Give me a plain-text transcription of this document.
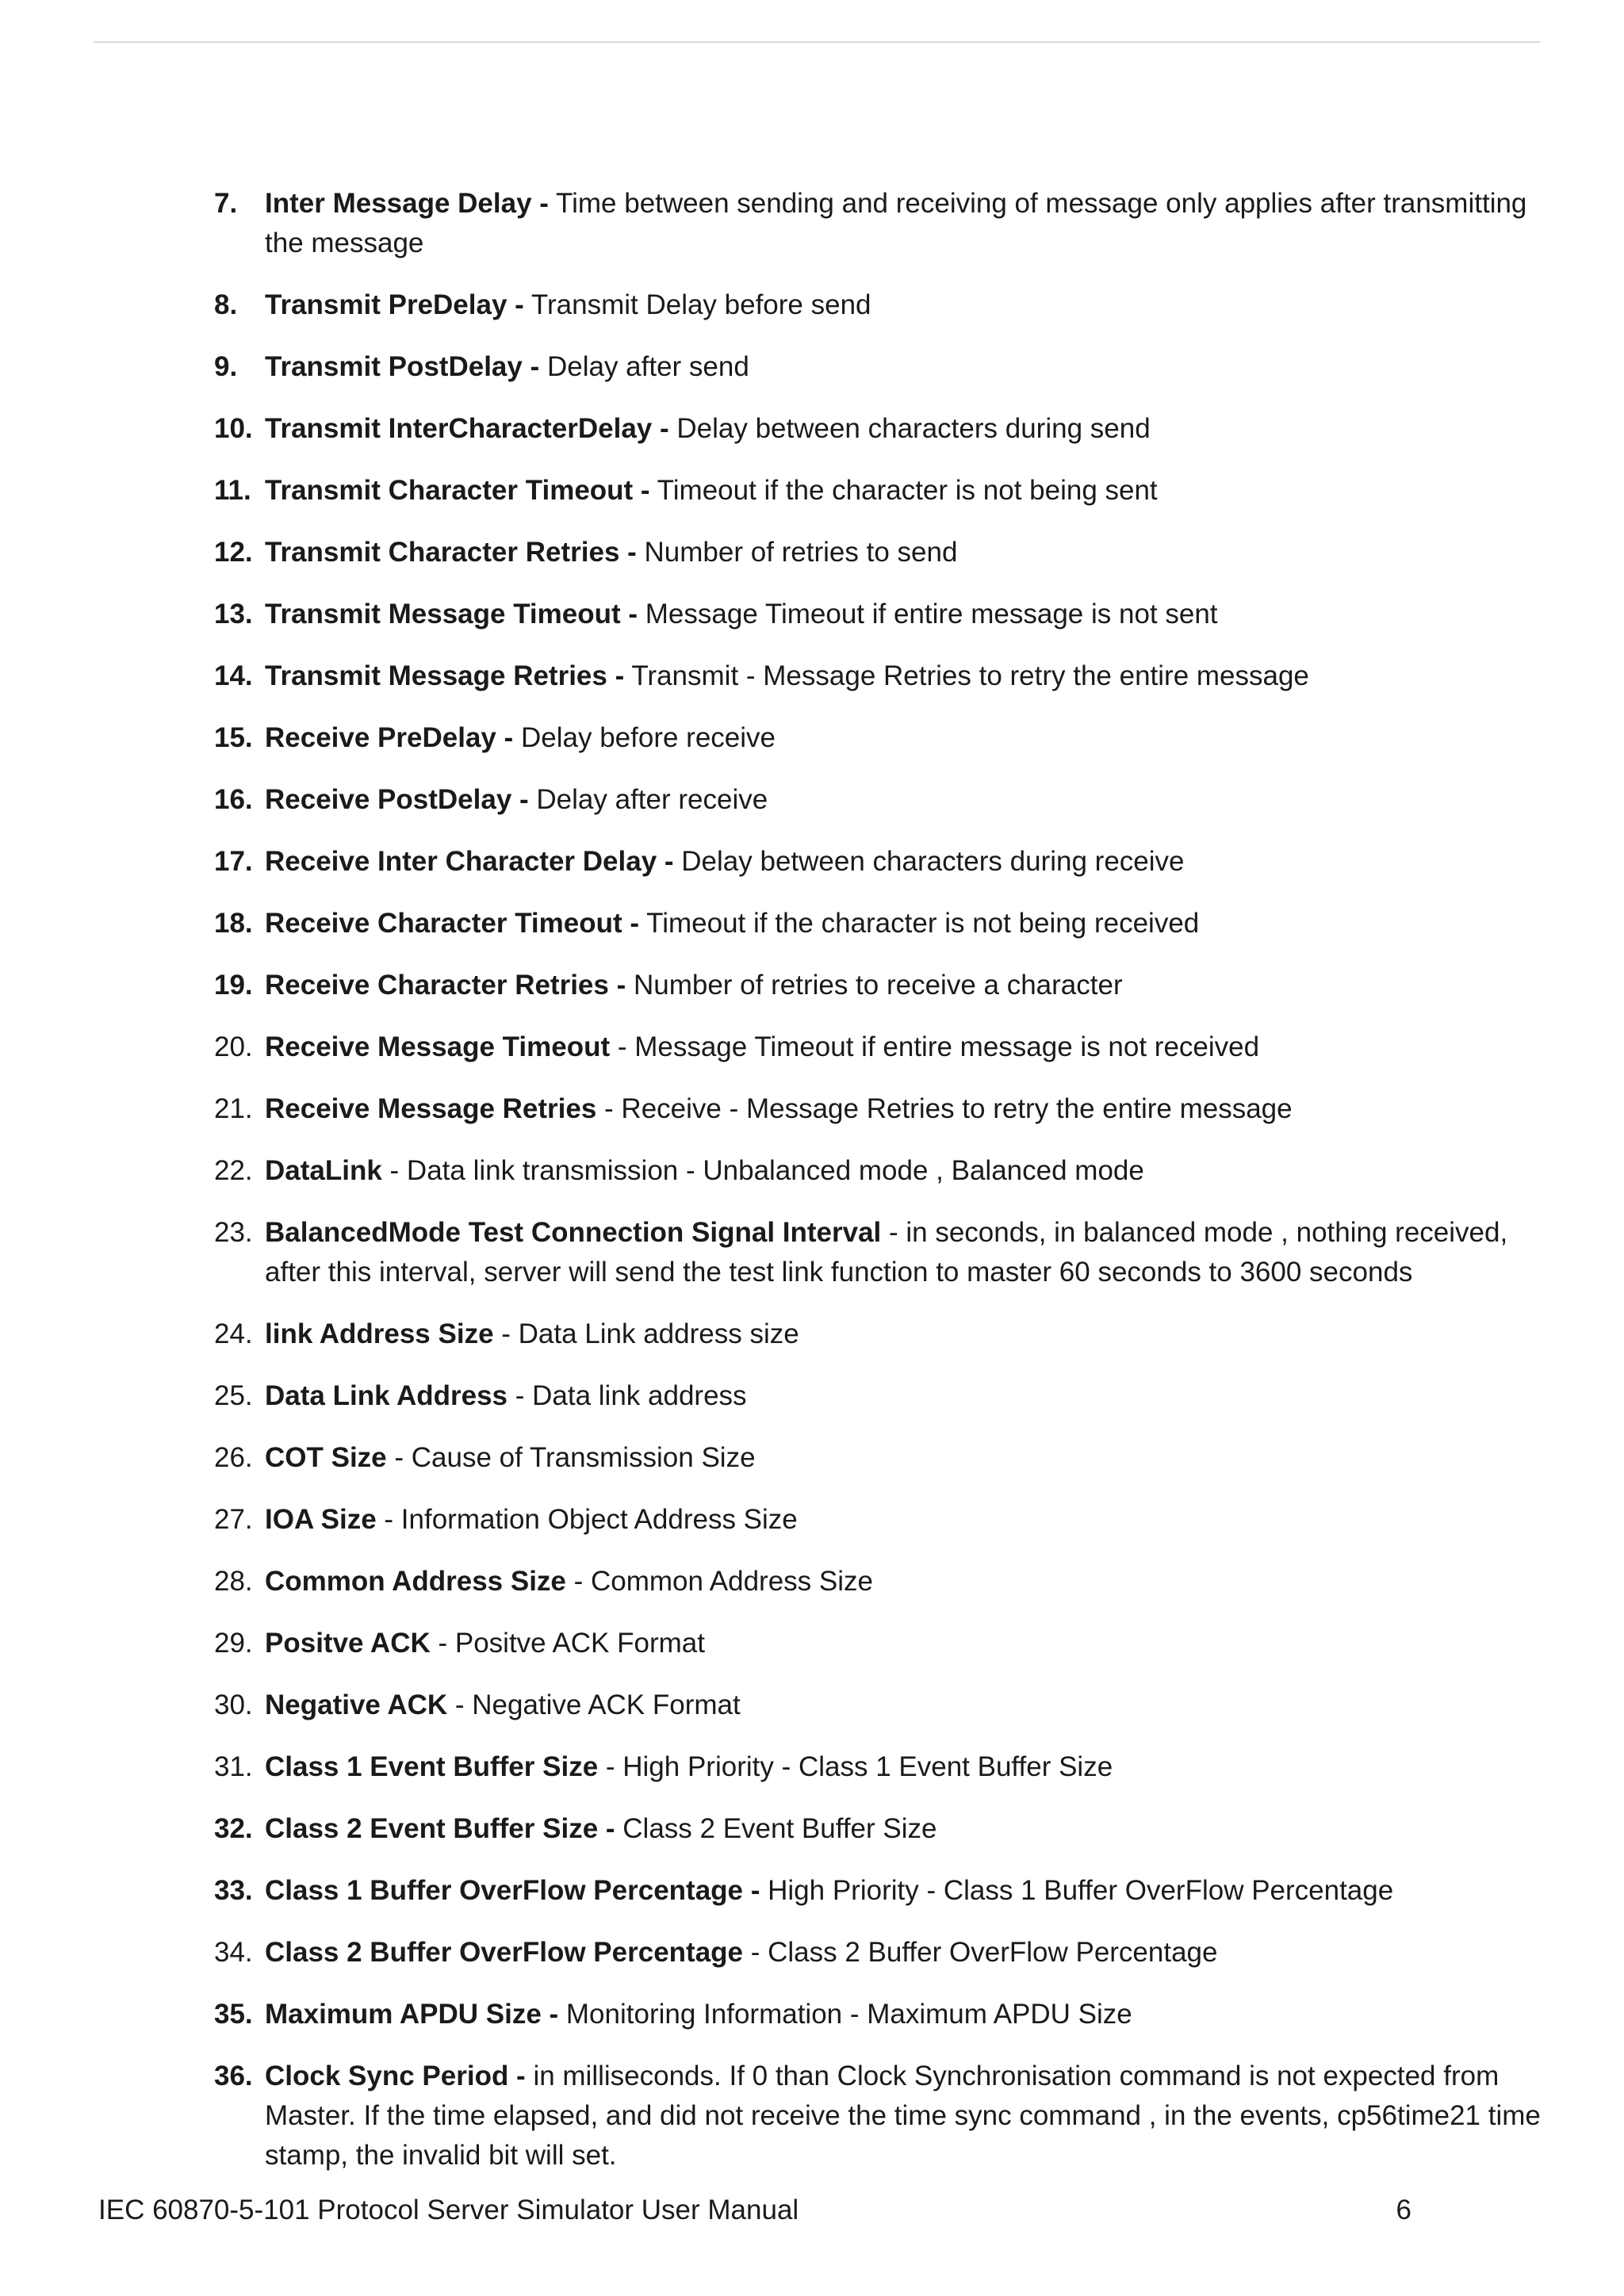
7. Inter Message Delay - Time between sending and receiving of message only applies after transmitting the message
8. Transmit PreDelay - Transmit Delay before send
9. Transmit PostDelay - Delay after send
10. Transmit InterCharacterDelay - Delay between characters during send
11. Transmit Character Timeout - Timeout if the character is not being sent
12. Transmit Character Retries - Number of retries to send
13. Transmit Message Timeout - Message Timeout if entire message is not sent
14. Transmit Message Retries - Transmit - Message Retries to retry the entire message
15. Receive PreDelay - Delay before receive
16. Receive PostDelay - Delay after receive
17. Receive Inter Character Delay - Delay between characters during receive
18. Receive Character Timeout - Timeout if the character is not being received
19. Receive Character Retries - Number of retries to receive a character
20. Receive Message Timeout - Message Timeout if entire message is not received
21. Receive Message Retries - Receive - Message Retries to retry the entire message
22. DataLink - Data link transmission - Unbalanced mode , Balanced mode
23. BalancedMode Test Connection Signal Interval - in seconds, in balanced mode , nothing received, after this interval, server will send the test link function to master 60 seconds to 3600 seconds
24. link Address Size - Data Link address size
25. Data Link Address - Data link address
26. COT Size - Cause of Transmission Size
27. IOA Size - Information Object Address Size
28. Common Address Size - Common Address Size
29. Positve ACK - Positve ACK Format
30. Negative ACK - Negative ACK Format
31. Class 1 Event Buffer Size - High Priority - Class 1 Event Buffer Size
32. Class 2 Event Buffer Size - Class 2 Event Buffer Size
33. Class 1 Buffer OverFlow Percentage - High Priority - Class 1 Buffer OverFlow Percentage
34. Class 2 Buffer OverFlow Percentage - Class 2 Buffer OverFlow Percentage
35. Maximum APDU Size - Monitoring Information - Maximum APDU Size
36. Clock Sync Period - in milliseconds. If 0 than Clock Synchronisation command is not expected from Master. If the time elapsed, and did not receive the time sync command , in the events, cp56time21 time stamp, the invalid bit will set.
IEC 60870-5-101 Protocol Server Simulator User Manual	6
